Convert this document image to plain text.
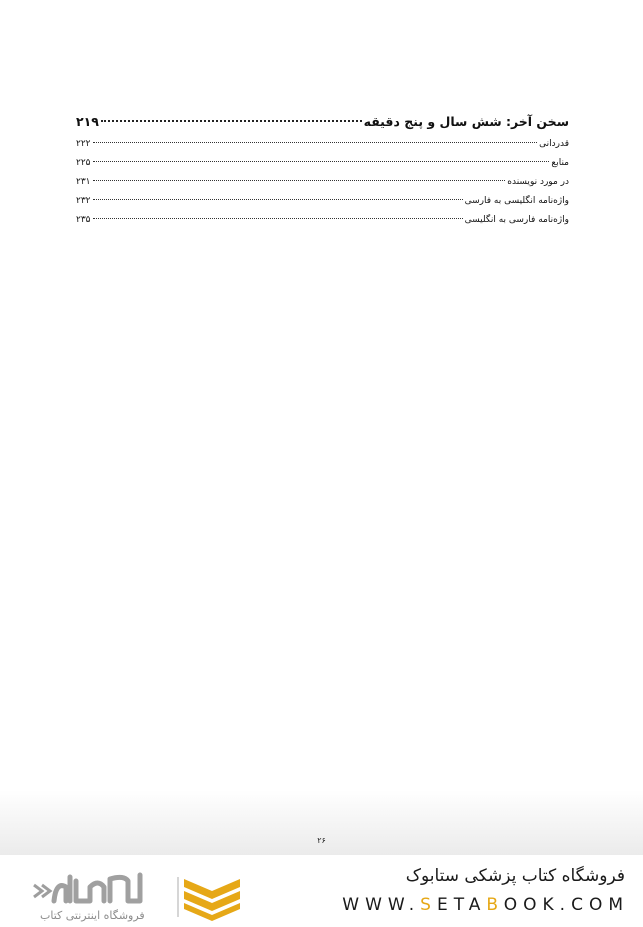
سخن آخر: شش سال و پنج دقیقه
۲۱۹
قدردانی
۲۲۲
منابع
۲۲۵
در مورد نویسنده
۲۳۱
واژه‌نامه انگلیسی به فارسی
۲۳۲
واژه‌نامه فارسی به انگلیسی
۲۳۵
۲۶
فروشگاه اینترنتی کتاب
فروشگاه کتاب پزشکی ستابوک
WWW.SETABOOK.COM
